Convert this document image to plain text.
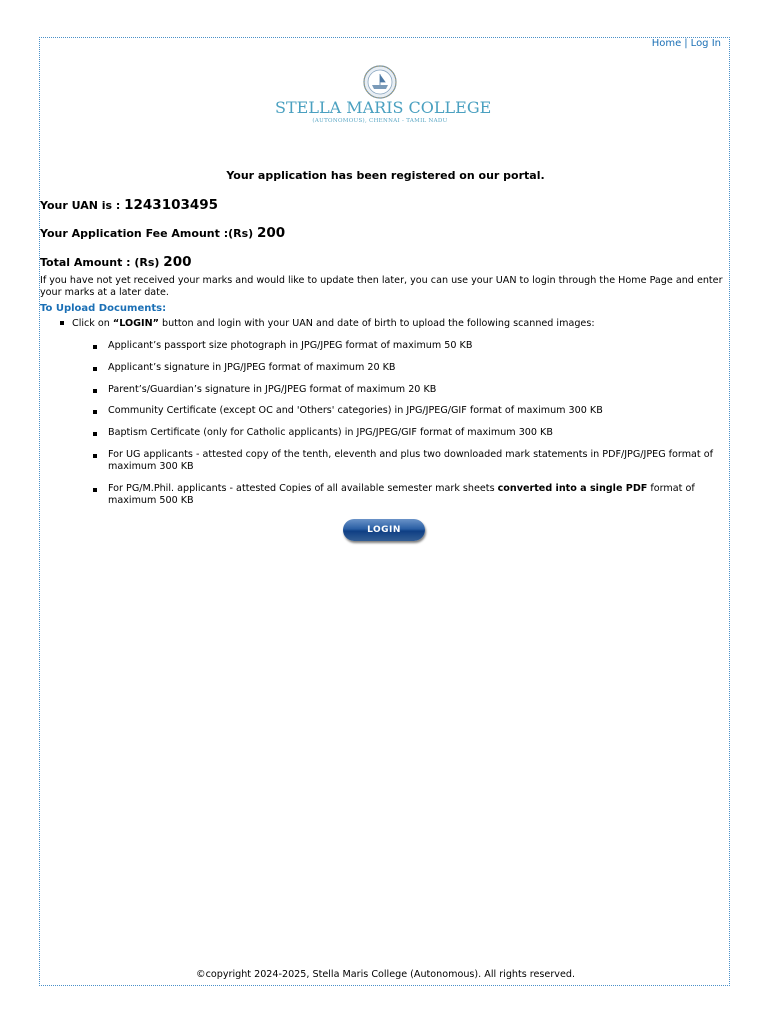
Home | Log In
STELLA MARIS COLLEGE
(AUTONOMOUS), CHENNAI - TAMIL NADU
Your application has been registered on our portal.
Your UAN is : 1243103495
Your Application Fee Amount :(Rs) 200
Total Amount : (Rs) 200
If you have not yet received your marks and would like to update then later, you can use your UAN to login through the Home Page and enter your marks at a later date.
To Upload Documents:
Click on “LOGIN” button and login with your UAN and date of birth to upload the following scanned images:
Applicant’s passport size photograph in JPG/JPEG format of maximum 50 KB
Applicant’s signature in JPG/JPEG format of maximum 20 KB
Parent’s/Guardian’s signature in JPG/JPEG format of maximum 20 KB
Community Certificate (except OC and 'Others' categories) in JPG/JPEG/GIF format of maximum 300 KB
Baptism Certificate (only for Catholic applicants) in JPG/JPEG/GIF format of maximum 300 KB
For UG applicants - attested copy of the tenth, eleventh and plus two downloaded mark statements in PDF/JPG/JPEG format of maximum 300 KB
For PG/M.Phil. applicants - attested Copies of all available semester mark sheets converted into a single PDF format of maximum 500 KB
LOGIN
©copyright 2024-2025, Stella Maris College (Autonomous). All rights reserved.
